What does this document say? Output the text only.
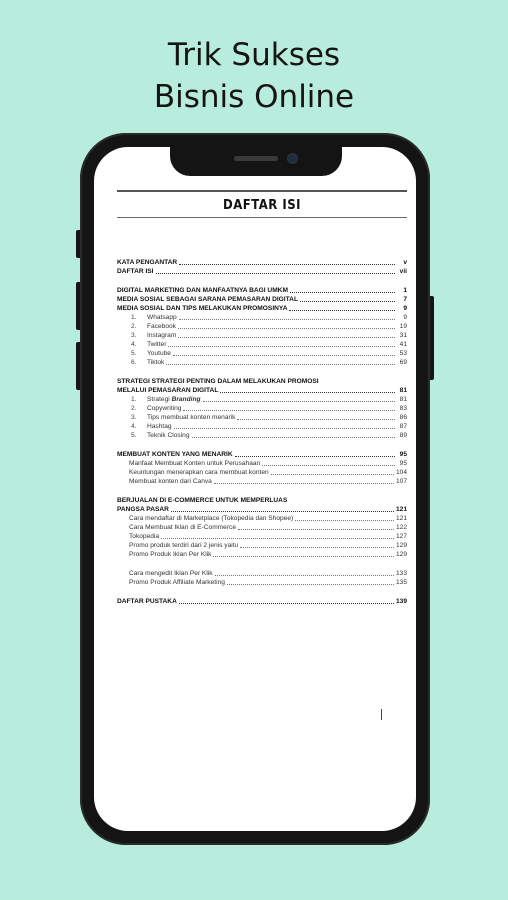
Trik Sukses
Bisnis Online
DAFTAR ISI
KATA PENGANTAR	v
DAFTAR ISI	vii
DIGITAL MARKETING DAN MANFAATNYA BAGI UMKM	1
MEDIA SOSIAL SEBAGAI SARANA PEMASARAN DIGITAL	7
MEDIA SOSIAL DAN TIPS MELAKUKAN PROMOSINYA	9
1.	Whatsapp	9
2.	Facebook	19
3.	Instagram	31
4.	Twitter	41
5.	Youtube	53
6.	Tiktok	69
STRATEGI STRATEGI PENTING DALAM MELAKUKAN PROMOSI
MELALUI PEMASARAN DIGITAL	81
1.	Strategi Branding	81
2.	Copywriting	83
3.	Tips membuat konten menarik	86
4.	Hashtag	87
5.	Teknik Closing	89
MEMBUAT KONTEN YANG MENARIK	95
Manfaat Membuat Konten untuk Perusahaan	95
Keuntungan menerapkan cara membuat konten	104
Membuat konten dari Canva	107
BERJUALAN DI E-COMMERCE UNTUK MEMPERLUAS
PANGSA PASAR	121
Cara mendaftar di Marketplace (Tokopedia dan Shopee)	121
Cara Membuat Iklan di E-Commerce	122
Tokopedia	127
Promo produk terdiri dari 2 jenis yaitu	129
Promo Produk Iklan Per Klik	129
Cara mengedit Iklan Per Klik	133
Promo Produk Affiliate Marketing	135
DAFTAR PUSTAKA	139
